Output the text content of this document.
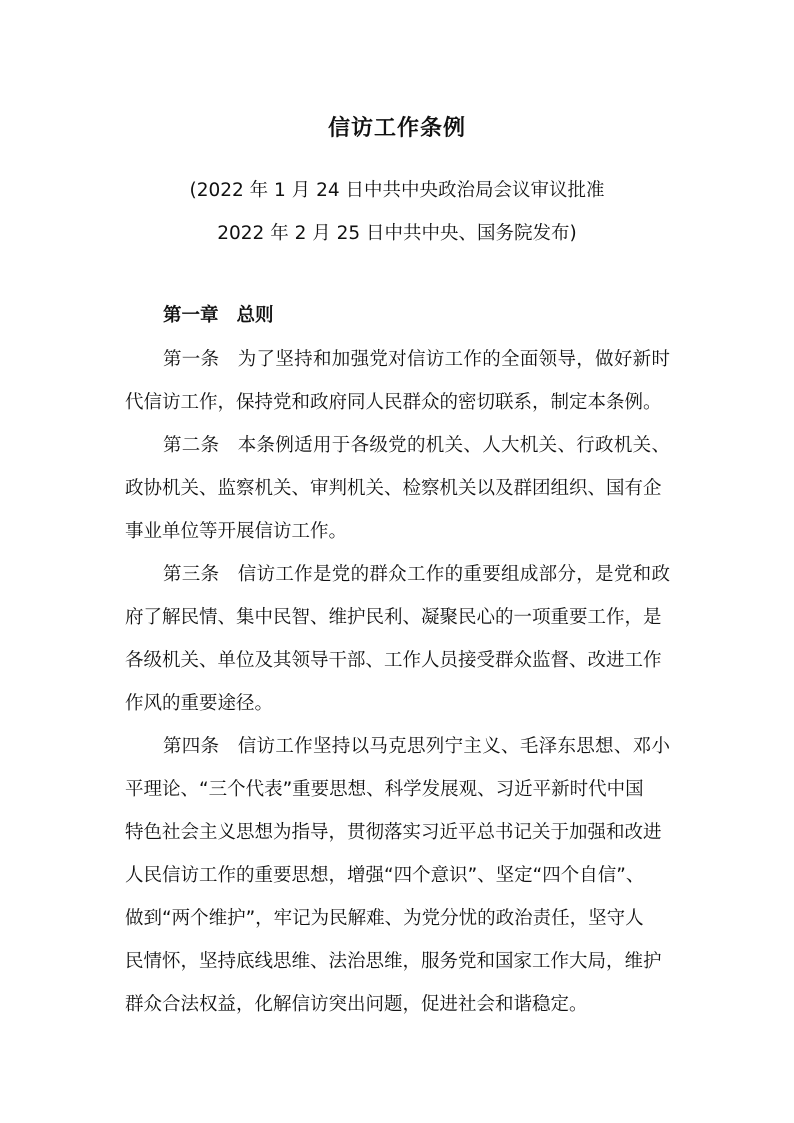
信访工作条例

(2022 年 1 月 24 日中共中央政治局会议审议批准

2022 年 2 月 25 日中共中央、国务院发布)

第一章 总则

第一条 为了坚持和加强党对信访工作的全面领导，做好新时

代信访工作，保持党和政府同人民群众的密切联系，制定本条例。

第二条 本条例适用于各级党的机关、人大机关、行政机关、

政协机关、监察机关、审判机关、检察机关以及群团组织、国有企

事业单位等开展信访工作。

第三条 信访工作是党的群众工作的重要组成部分，是党和政

府了解民情、集中民智、维护民利、凝聚民心的一项重要工作，是

各级机关、单位及其领导干部、工作人员接受群众监督、改进工作

作风的重要途径。

第四条 信访工作坚持以马克思列宁主义、毛泽东思想、邓小

平理论、“三个代表”重要思想、科学发展观、习近平新时代中国

特色社会主义思想为指导，贯彻落实习近平总书记关于加强和改进

人民信访工作的重要思想，增强“四个意识”、坚定“四个自信”、

做到“两个维护”，牢记为民解难、为党分忧的政治责任，坚守人

民情怀，坚持底线思维、法治思维，服务党和国家工作大局，维护

群众合法权益，化解信访突出问题，促进社会和谐稳定。
